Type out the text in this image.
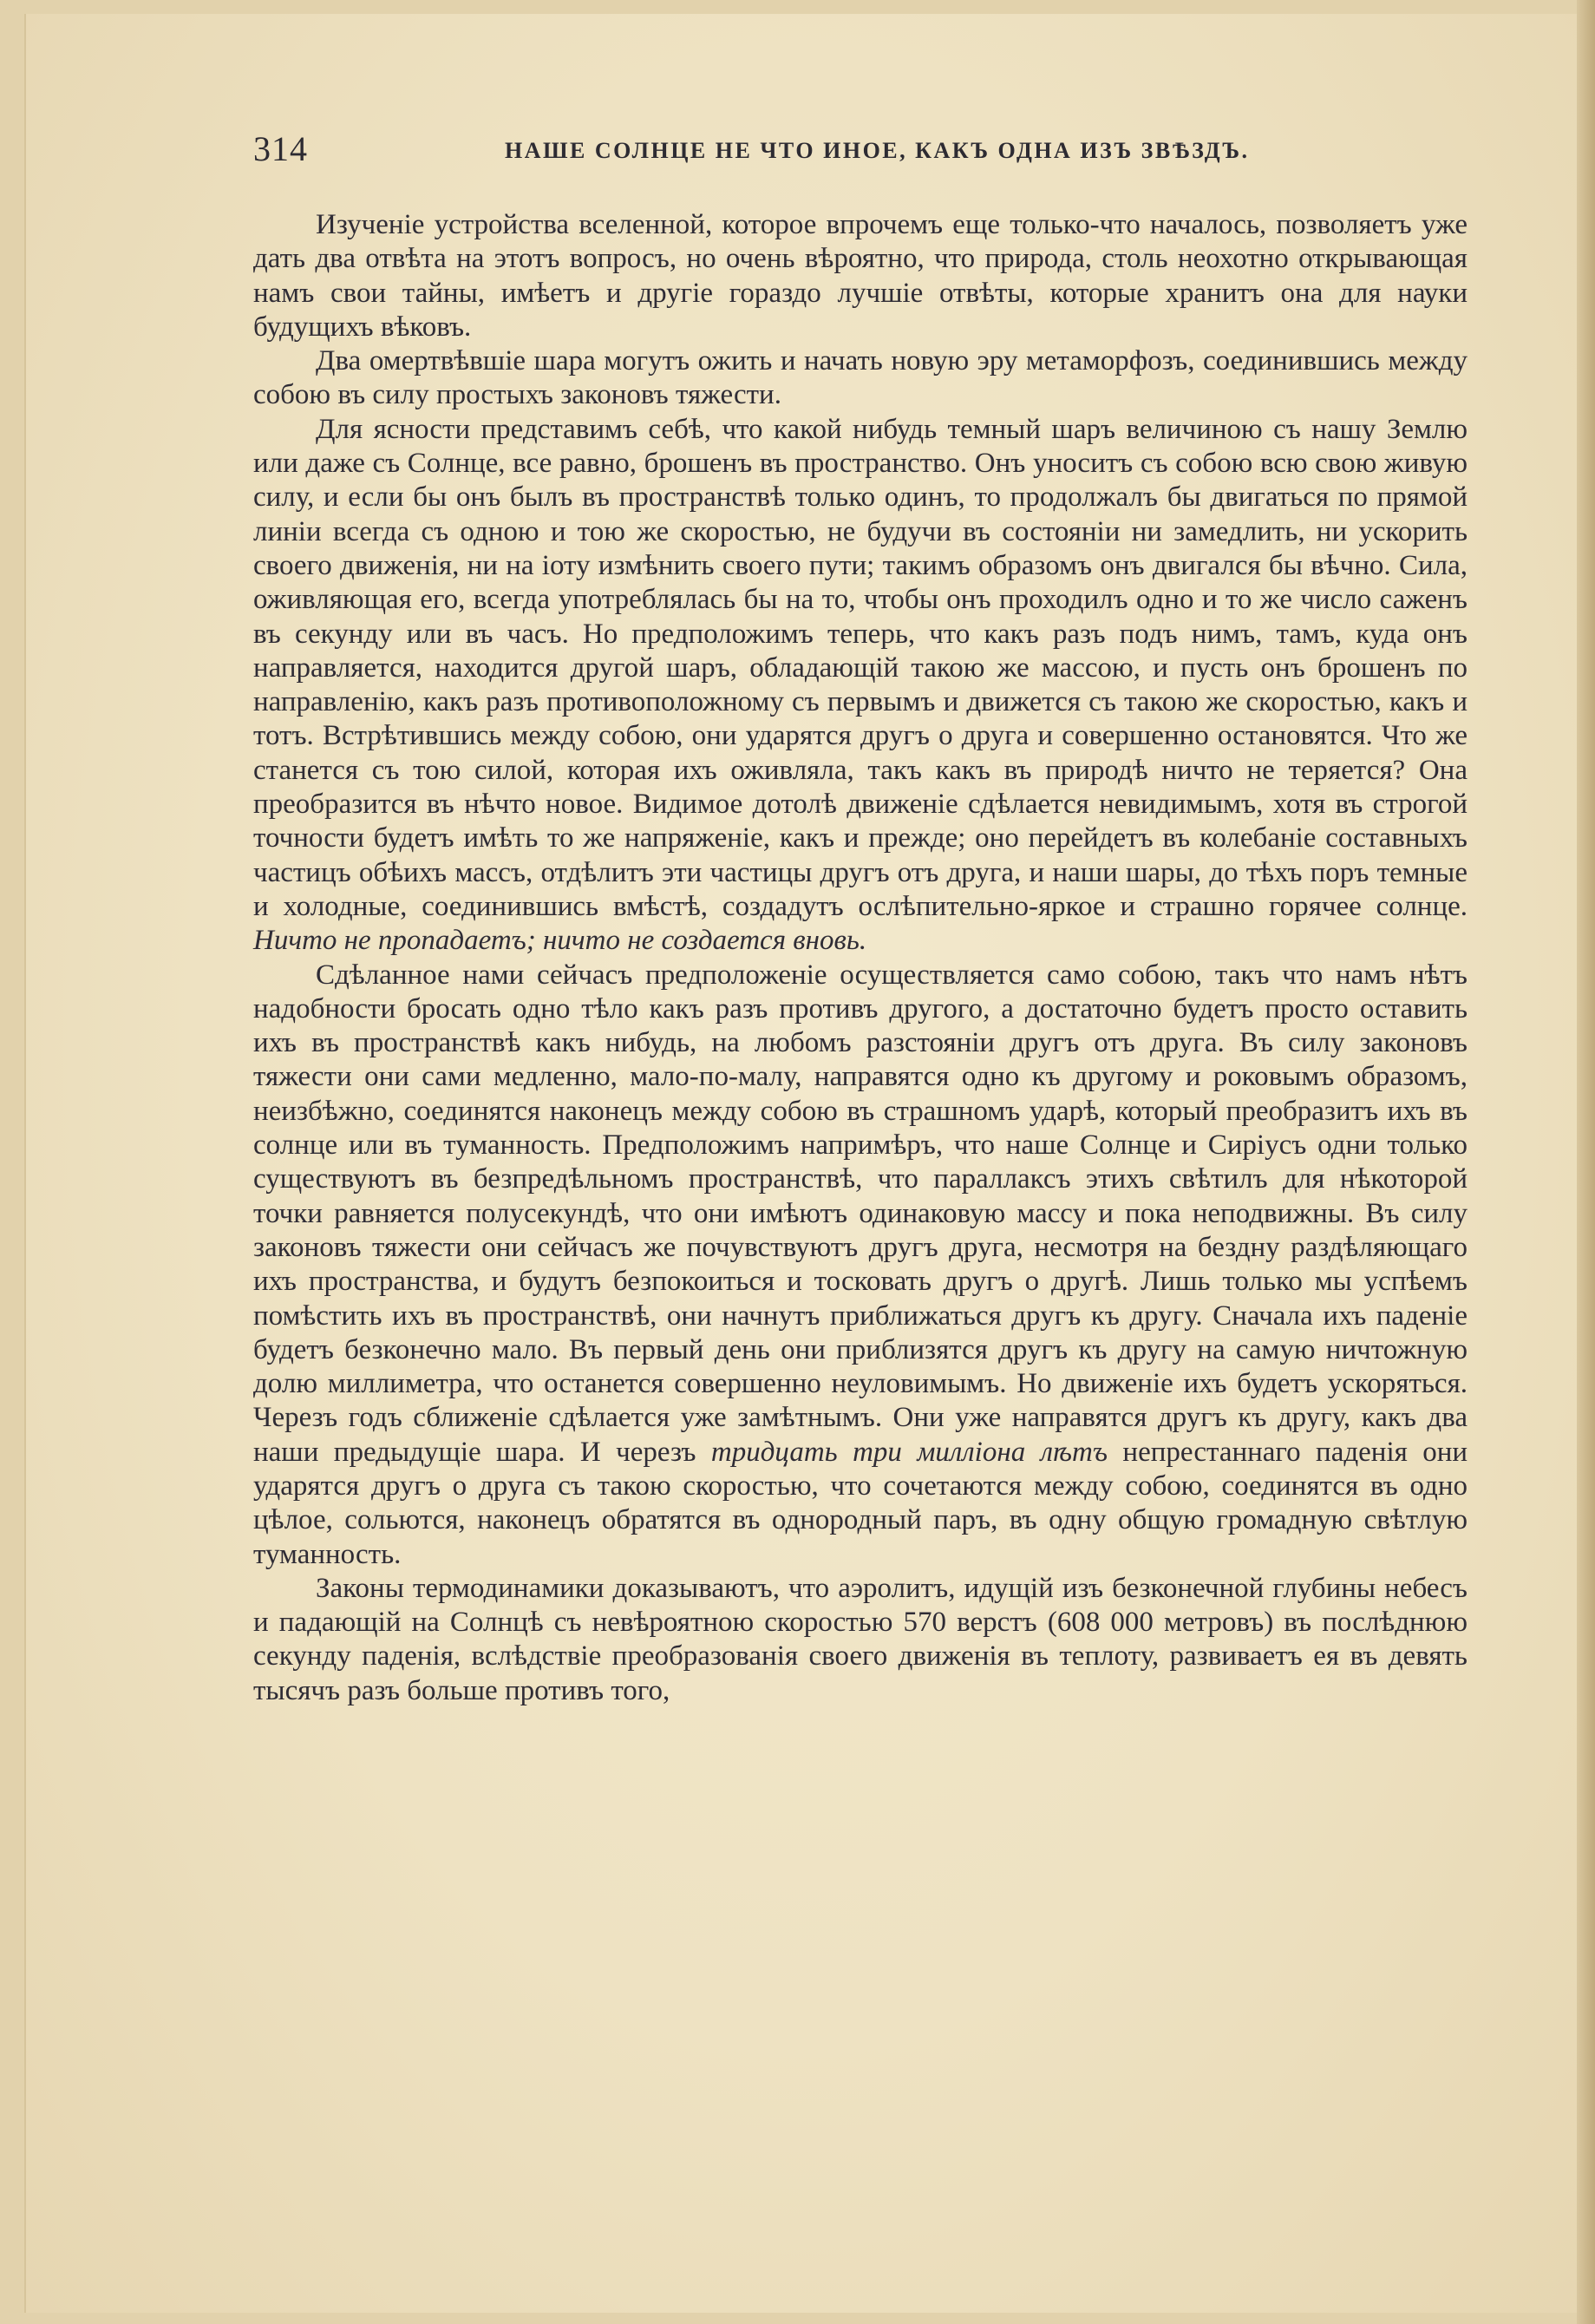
314	НАШЕ СОЛНЦЕ НЕ ЧТО ИНОЕ, КАКЪ ОДНА ИЗЪ ЗВѢЗДЪ.

Изученіе устройства вселенной, которое впрочемъ еще только-что началось, позволяетъ уже дать два отвѣта на этотъ вопросъ, но очень вѣроятно, что природа, столь неохотно открывающая намъ свои тайны, имѣетъ и другіе гораздо лучшіе отвѣты, которые хранитъ она для науки будущихъ вѣковъ.

Два омертвѣвшіе шара могутъ ожить и начать новую эру метаморфозъ, соединившись между собою въ силу простыхъ законовъ тяжести.

Для ясности представимъ себѣ, что какой нибудь темный шаръ величиною съ нашу Землю или даже съ Солнце, все равно, брошенъ въ пространство. Онъ уноситъ съ собою всю свою живую силу, и если бы онъ былъ въ пространствѣ только одинъ, то продолжалъ бы двигаться по прямой линіи всегда съ одною и тою же скоростью, не будучи въ состояніи ни замедлить, ни ускорить своего движенія, ни на іоту измѣнить своего пути; такимъ образомъ онъ двигался бы вѣчно. Сила, оживляющая его, всегда употреблялась бы на то, чтобы онъ проходилъ одно и то же число саженъ въ секунду или въ часъ. Но предположимъ теперь, что какъ разъ подъ нимъ, тамъ, куда онъ направляется, находится другой шаръ, обладающій такою же массою, и пусть онъ брошенъ по направленію, какъ разъ противоположному съ первымъ и движется съ такою же скоростью, какъ и тотъ. Встрѣтившись между собою, они ударятся другъ о друга и совершенно остановятся. Что же станется съ тою силой, которая ихъ оживляла, такъ какъ въ природѣ ничто не теряется? Она преобразится въ нѣчто новое. Видимое дотолѣ движеніе сдѣлается невидимымъ, хотя въ строгой точности будетъ имѣть то же напряженіе, какъ и прежде; оно перейдетъ въ колебаніе составныхъ частицъ обѣихъ массъ, отдѣлитъ эти частицы другъ отъ друга, и наши шары, до тѣхъ поръ темные и холодные, соединившись вмѣстѣ, создадутъ ослѣпительно-яркое и страшно горячее солнце. Ничто не пропадаетъ; ничто не создается вновь.

Сдѣланное нами сейчасъ предположеніе осуществляется само собою, такъ что намъ нѣтъ надобности бросать одно тѣло какъ разъ противъ другого, а достаточно будетъ просто оставить ихъ въ пространствѣ какъ нибудь, на любомъ разстояніи другъ отъ друга. Въ силу законовъ тяжести они сами медленно, мало-по-малу, направятся одно къ другому и роковымъ образомъ, неизбѣжно, соединятся наконецъ между собою въ страшномъ ударѣ, который преобразитъ ихъ въ солнце или въ туманность. Предположимъ напримѣръ, что наше Солнце и Сиріусъ одни только существуютъ въ безпредѣльномъ пространствѣ, что параллаксъ этихъ свѣтилъ для нѣкоторой точки равняется полусекундѣ, что они имѣютъ одинаковую массу и пока неподвижны. Въ силу законовъ тяжести они сейчасъ же почувствуютъ другъ друга, несмотря на бездну раздѣляющаго ихъ пространства, и будутъ безпокоиться и тосковать другъ о другѣ. Лишь только мы успѣемъ помѣстить ихъ въ пространствѣ, они начнутъ приближаться другъ къ другу. Сначала ихъ паденіе будетъ безконечно мало. Въ первый день они приблизятся другъ къ другу на самую ничтожную долю миллиметра, что останется совершенно неуловимымъ. Но движеніе ихъ будетъ ускоряться. Черезъ годъ сближеніе сдѣлается уже замѣтнымъ. Они уже направятся другъ къ другу, какъ два наши предыдущіе шара. И черезъ тридцать три милліона лѣтъ непрестаннаго паденія они ударятся другъ о друга съ такою скоростью, что сочетаются между собою, соединятся въ одно цѣлое, сольются, наконецъ обратятся въ однородный паръ, въ одну общую громадную свѣтлую туманность.

Законы термодинамики доказываютъ, что аэролитъ, идущій изъ безконечной глубины небесъ и падающій на Солнцѣ съ невѣроятною скоростью 570 верстъ (608 000 метровъ) въ послѣднюю секунду паденія, вслѣдствіе преобразованія своего движенія въ теплоту, развиваетъ ея въ девять тысячъ разъ больше противъ того,
